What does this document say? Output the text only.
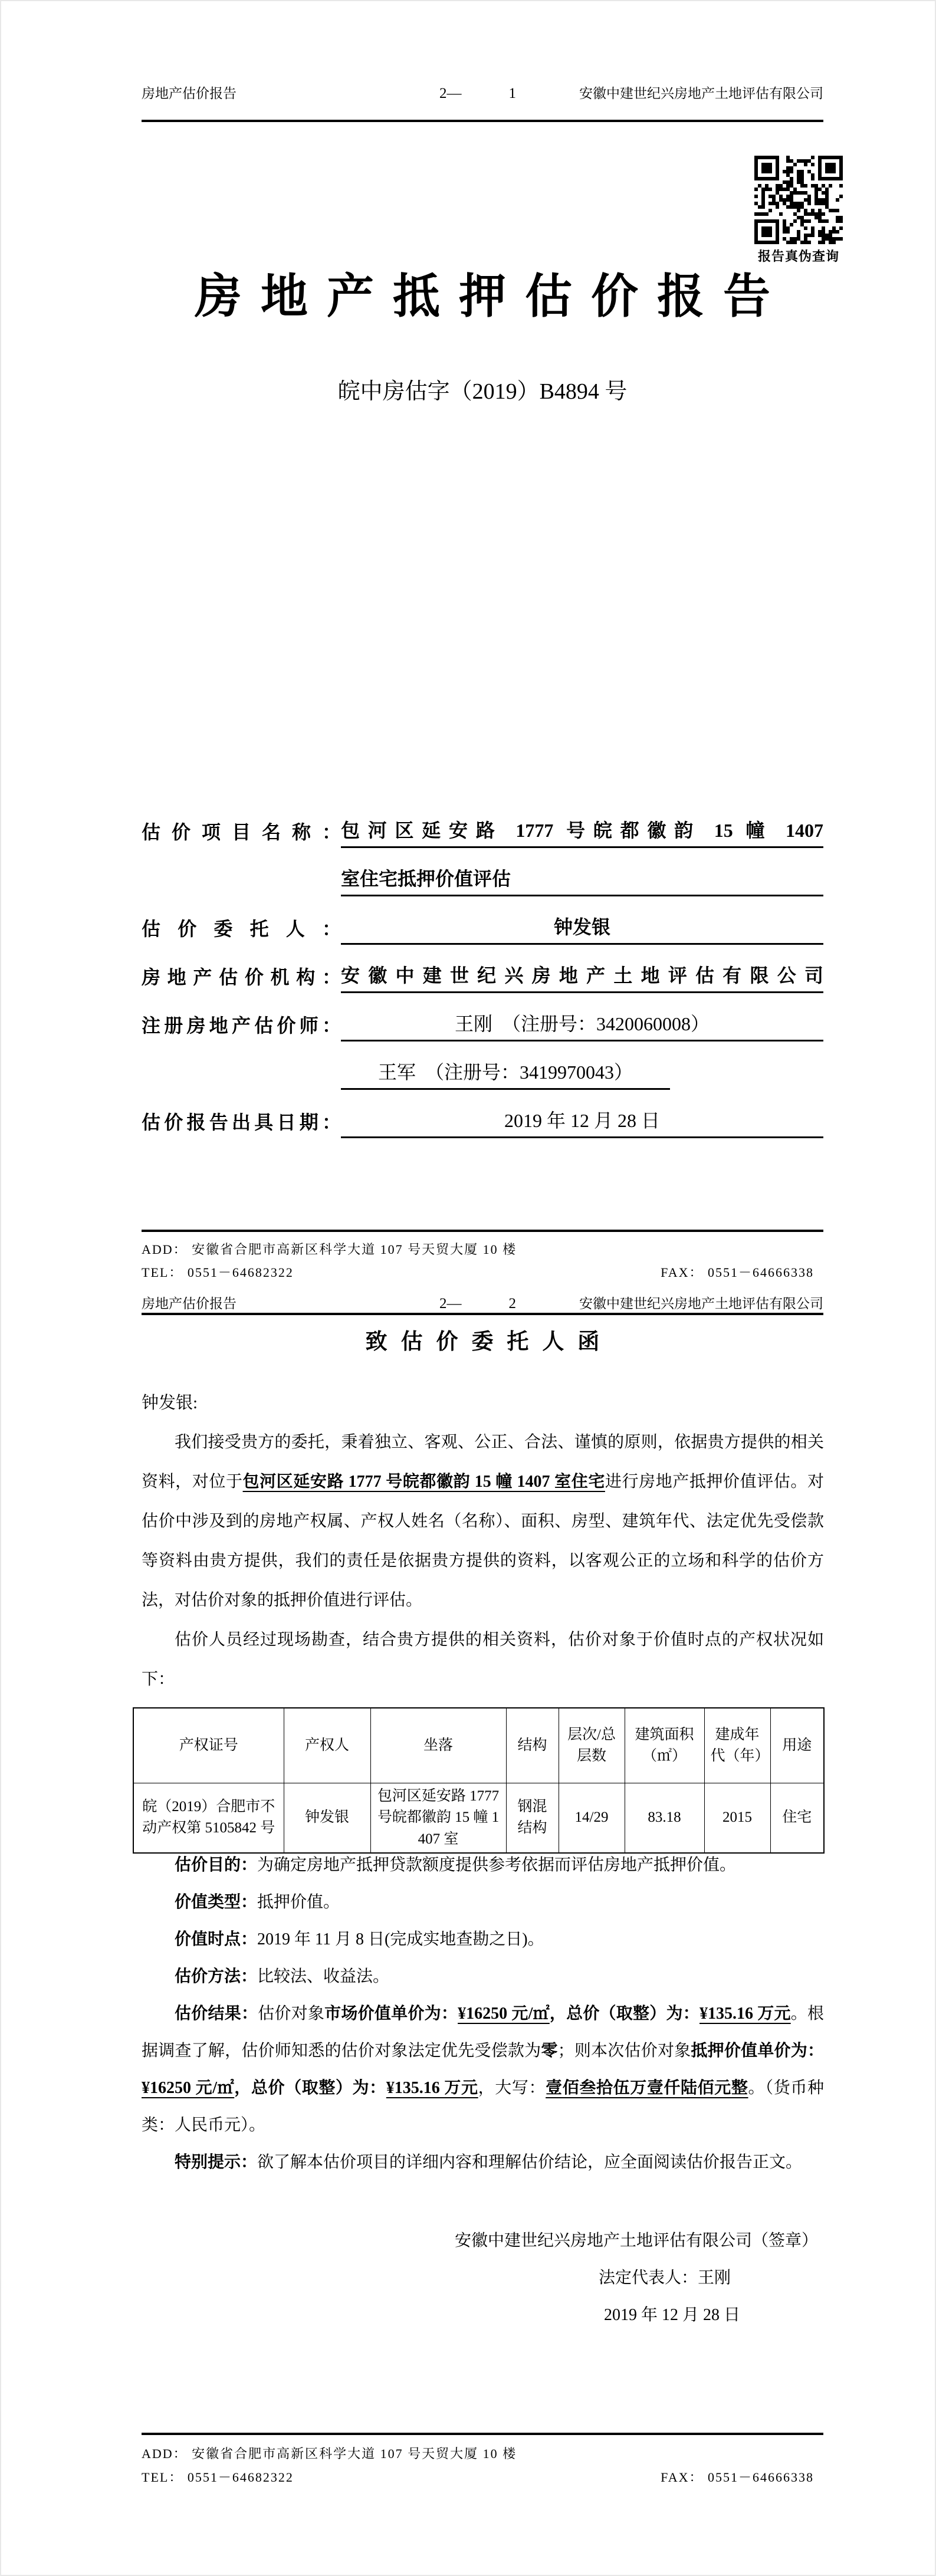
房地产估价报告	2—	1	安徽中建世纪兴房地产土地评估有限公司
报告真伪查询
房地产抵押估价报告
皖中房估字（2019）B4894 号
估价项目名称： 包河区延安路 1777 号皖都徽韵 15 幢 1407
室住宅抵押价值评估
估价委托人：	钟发银
房地产估价机构： 安徽中建世纪兴房地产土地评估有限公司
注册房地产估价师：	王刚　（注册号：3420060008）
王军　（注册号：3419970043）
估价报告出具日期：	2019 年 12 月 28 日
ADD： 安徽省合肥市高新区科学大道 107 号天贸大厦 10 楼
TEL： 0551－64682322	FAX： 0551－64666338
房地产估价报告	2—	2	安徽中建世纪兴房地产土地评估有限公司
致估价委托人函
钟发银:

我们接受贵方的委托，秉着独立、客观、公正、合法、谨慎的原则，依据贵方提供的相关资料，对位于包河区延安路 1777 号皖都徽韵 15 幢 1407 室住宅进行房地产抵押价值评估。对估价中涉及到的房地产权属、产权人姓名（名称）、面积、房型、建筑年代、法定优先受偿款等资料由贵方提供，我们的责任是依据贵方提供的资料，以客观公正的立场和科学的估价方法，对估价对象的抵押价值进行评估。

估价人员经过现场勘查，结合贵方提供的相关资料，估价对象于价值时点的产权状况如下：

产权证号	产权人	坐落	结构	层次/总层数	建筑面积（㎡）	建成年代（年）	用途
皖（2019）合肥市不动产权第 5105842 号	钟发银	包河区延安路 1777 号皖都徽韵 15 幢 1407 室	钢混结构	14/29	83.18	2015	住宅

估价目的：为确定房地产抵押贷款额度提供参考依据而评估房地产抵押价值。

价值类型：抵押价值。

价值时点：2019 年 11 月 8 日(完成实地查勘之日)。

估价方法：比较法、收益法。

估价结果：估价对象市场价值单价为：¥16250 元/㎡，总价（取整）为：¥135.16 万元。根据调查了解，估价师知悉的估价对象法定优先受偿款为零；则本次估价对象抵押价值单价为：¥16250 元/㎡，总价（取整）为：¥135.16 万元，大写：壹佰叁拾伍万壹仟陆佰元整。（货币种类：人民币元）。

特别提示：欲了解本估价项目的详细内容和理解估价结论，应全面阅读估价报告正文。

安徽中建世纪兴房地产土地评估有限公司（签章）
法定代表人：王刚
2019 年 12 月 28 日
ADD： 安徽省合肥市高新区科学大道 107 号天贸大厦 10 楼
TEL： 0551－64682322	FAX： 0551－64666338
